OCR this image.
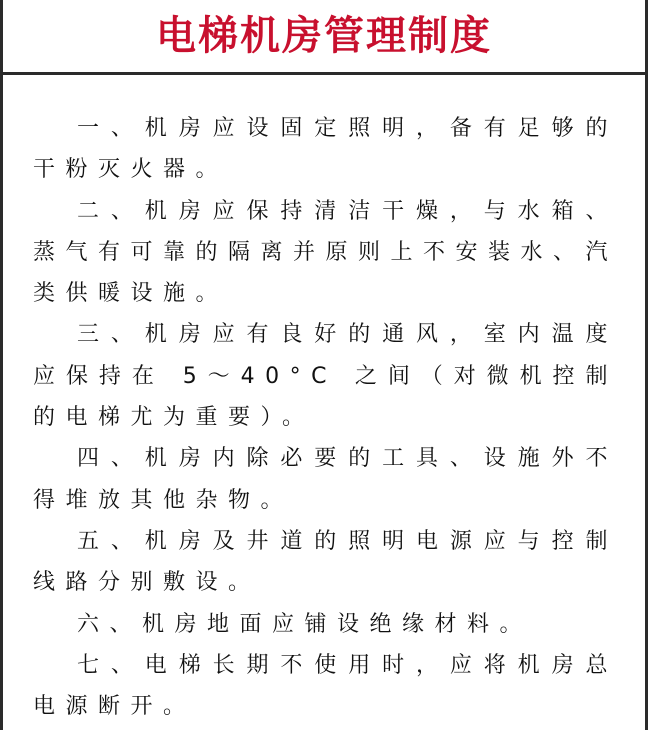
电梯机房管理制度
一、机房应设固定照明，备有足够的干粉灭火器。
二、机房应保持清洁干燥，与水箱、蒸气有可靠的隔离并原则上不安装水、汽类供暖设施。
三、机房应有良好的通风，室内温度应保持在 5～40°C 之间（对微机控制的电梯尤为重要）。
四、机房内除必要的工具、设施外不得堆放其他杂物。
五、机房及井道的照明电源应与控制线路分别敷设。
六、机房地面应铺设绝缘材料。
七、电梯长期不使用时，应将机房总电源断开。
